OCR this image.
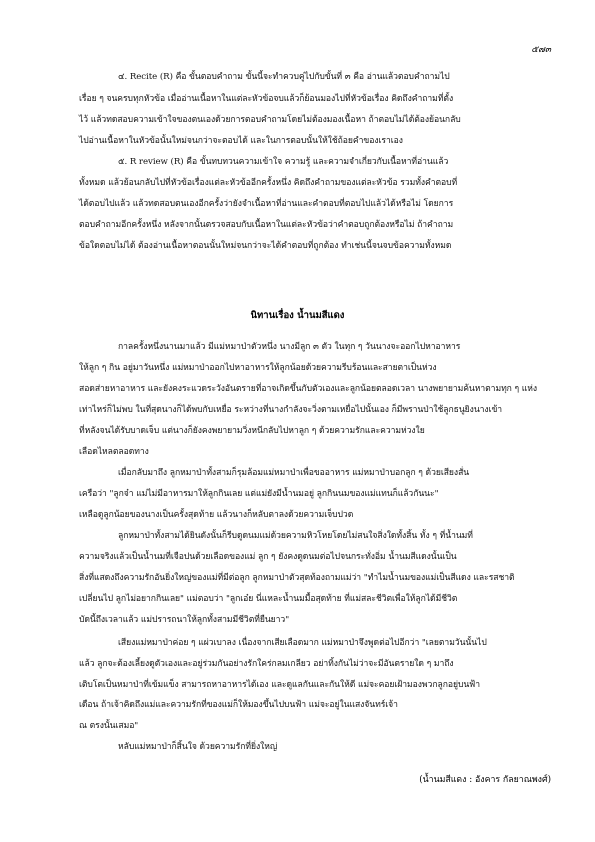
๕๗๓
๔. Recite (R) คือ ขั้นตอบคำถาม ขั้นนี้จะทำควบคู่ไปกับขั้นที่ ๓ คือ อ่านแล้วตอบคำถามไป
เรื่อย ๆ จนครบทุกหัวข้อ เมื่ออ่านเนื้อหาในแต่ละหัวข้อจบแล้วก็ย้อนมองไปที่หัวข้อเรื่อง คิดถึงคำถามที่ตั้ง
ไว้ แล้วทดสอบความเข้าใจของตนเองด้วยการตอบคำถามโดยไม่ต้องมองเนื้อหา ถ้าตอบไม่ได้ต้องย้อนกลับ
ไปอ่านเนื้อหาในหัวข้อนั้นใหม่จนกว่าจะตอบได้ และในการตอบนั้นให้ใช้ถ้อยคำของเราเอง
๕. R review (R) คือ ขั้นทบทวนความเข้าใจ ความรู้ และความจำเกี่ยวกับเนื้อหาที่อ่านแล้ว
ทั้งหมด แล้วย้อนกลับไปที่หัวข้อเรื่องแต่ละหัวข้ออีกครั้งหนึ่ง คิดถึงคำถามของแต่ละหัวข้อ รวมทั้งคำตอบที่
ได้ตอบไปแล้ว แล้วทดสอบตนเองอีกครั้งว่ายังจำเนื้อหาที่อ่านและคำตอบที่ตอบไปแล้วได้หรือไม่ โดยการ
ตอบคำถามอีกครั้งหนึ่ง หลังจากนั้นตรวจสอบกับเนื้อหาในแต่ละหัวข้อว่าคำตอบถูกต้องหรือไม่ ถ้าคำถาม
ข้อใดตอบไม่ได้ ต้องอ่านเนื้อหาตอนนั้นใหม่จนกว่าจะได้คำตอบที่ถูกต้อง ทำเช่นนี้จนจบข้อความทั้งหมด
นิทานเรื่อง น้ำนมสีแดง
กาลครั้งหนึ่งนานมาแล้ว มีแม่หมาป่าตัวหนึ่ง นางมีลูก ๓ ตัว ในทุก ๆ วันนางจะออกไปหาอาหาร
ให้ลูก ๆ กิน อยู่มาวันหนึ่ง แม่หมาป่าออกไปหาอาหารให้ลูกน้อยด้วยความรีบร้อนและสายตาเป็นห่วง
สอดส่ายหาอาหาร และยังคงระแวดระวังอันตรายที่อาจเกิดขึ้นกับตัวเองและลูกน้อยตลอดเวลา นางพยายามค้นหาตามทุก ๆ แห่ง
เท่าไหร่ก็ไม่พบ ในที่สุดนางก็ได้พบกับเหยื่อ ระหว่างที่นางกำลังจะวิ่งตามเหยื่อไปนั้นเอง ก็มีพรานป่าใช้ลูกธนูยิงนางเข้า
ที่หลังจนได้รับบาดเจ็บ แต่นางก็ยังคงพยายามวิ่งหนีกลับไปหาลูก ๆ ด้วยความรักและความห่วงใย
เลือดไหลตลอดทาง
เมื่อกลับมาถึง ลูกหมาป่าทั้งสามก็รุมล้อมแม่หมาป่าเพื่อขออาหาร แม่หมาป่าบอกลูก ๆ ด้วยเสียงสั่น
เครือว่า "ลูกจ๋า แม่ไม่มีอาหารมาให้ลูกกินเลย แต่แม่ยังมีน้ำนมอยู่ ลูกกินนมของแม่แทนก็แล้วกันนะ"
เหลือดูลูกน้อยของนางเป็นครั้งสุดท้าย แล้วนางก็หลับตาลงด้วยความเจ็บปวด
ลูกหมาป่าทั้งสามได้ยินดังนั้นก็รีบดูดนมแม่ด้วยความหิวโหยโดยไม่สนใจสิ่งใดทั้งสิ้น ทั้ง ๆ ที่น้ำนมที่
ความจริงแล้วเป็นน้ำนมที่เจือปนด้วยเลือดของแม่ ลูก ๆ ยังคงดูดนมต่อไปจนกระทั่งอิ่ม น้ำนมสีแดงนั้นเป็น
สิ่งที่แสดงถึงความรักอันยิ่งใหญ่ของแม่ที่มีต่อลูก ลูกหมาป่าตัวสุดท้องถามแม่ว่า "ทำไมน้ำนมของแม่เป็นสีแดง และรสชาติ
เปลี่ยนไป ลูกไม่อยากกินเลย" แม่ตอบว่า "ลูกเอ๋ย นี่แหละน้ำนมมื้อสุดท้าย ที่แม่สละชีวิตเพื่อให้ลูกได้มีชีวิต
บัดนี้ถึงเวลาแล้ว แม่ปรารถนาให้ลูกทั้งสามมีชีวิตที่ยืนยาว"
เสียงแม่หมาป่าค่อย ๆ แผ่วเบาลง เนื่องจากเสียเลือดมาก แม่หมาป่าจึงพูดต่อไปอีกว่า "เลยตามวันนั้นไป
แล้ว ลูกจะต้องเลี้ยงดูตัวเองและอยู่ร่วมกันอย่างรักใคร่กลมเกลียว อย่าทิ้งกันไม่ว่าจะมีอันตรายใด ๆ มาถึง
เติบโตเป็นหมาป่าที่เข้มแข็ง สามารถหาอาหารได้เอง และดูแลกันและกันให้ดี แม่จะคอยเฝ้ามองพวกลูกอยู่บนฟ้า
เดือน ถ้าเจ้าคิดถึงแม่และความรักที่ของแม่ก็ให้มองขึ้นไปบนฟ้า แม่จะอยู่ในแสงจันทร์เจ้า
ณ ตรงนั้นเสมอ"
หลับแม่หมาป่าก็สิ้นใจ ด้วยความรักที่ยิ่งใหญ่
(น้ำนมสีแดง : อังคาร กัลยาณพงศ์)
